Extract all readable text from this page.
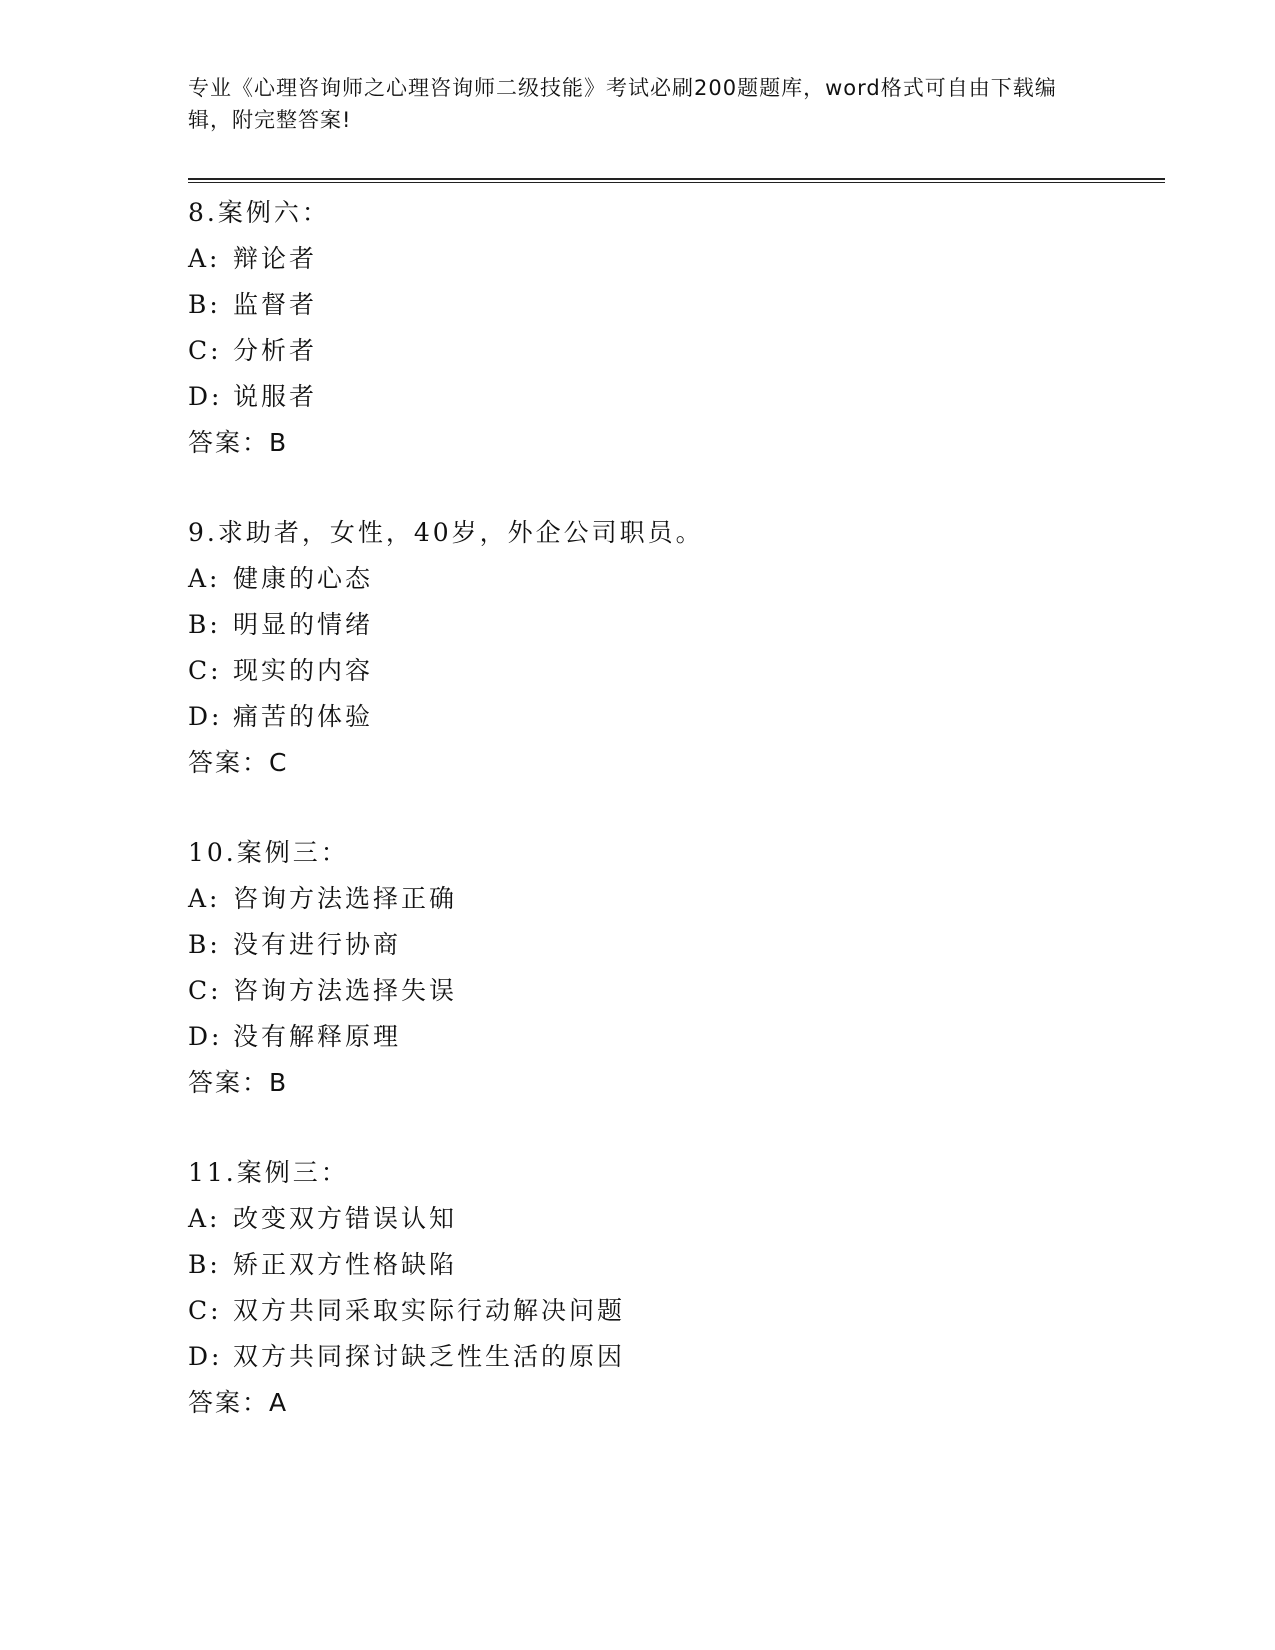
专业《心理咨询师之心理咨询师二级技能》考试必刷200题题库，word格式可自由下载编辑，附完整答案!
8.案例六：
A: 辩论者
B: 监督者
C: 分析者
D: 说服者
答案：B
9.求助者，女性，40岁，外企公司职员。
A: 健康的心态
B: 明显的情绪
C: 现实的内容
D: 痛苦的体验
答案：C
10.案例三：
A: 咨询方法选择正确
B: 没有进行协商
C: 咨询方法选择失误
D: 没有解释原理
答案：B
11.案例三：
A: 改变双方错误认知
B: 矫正双方性格缺陷
C: 双方共同采取实际行动解决问题
D: 双方共同探讨缺乏性生活的原因
答案：A
